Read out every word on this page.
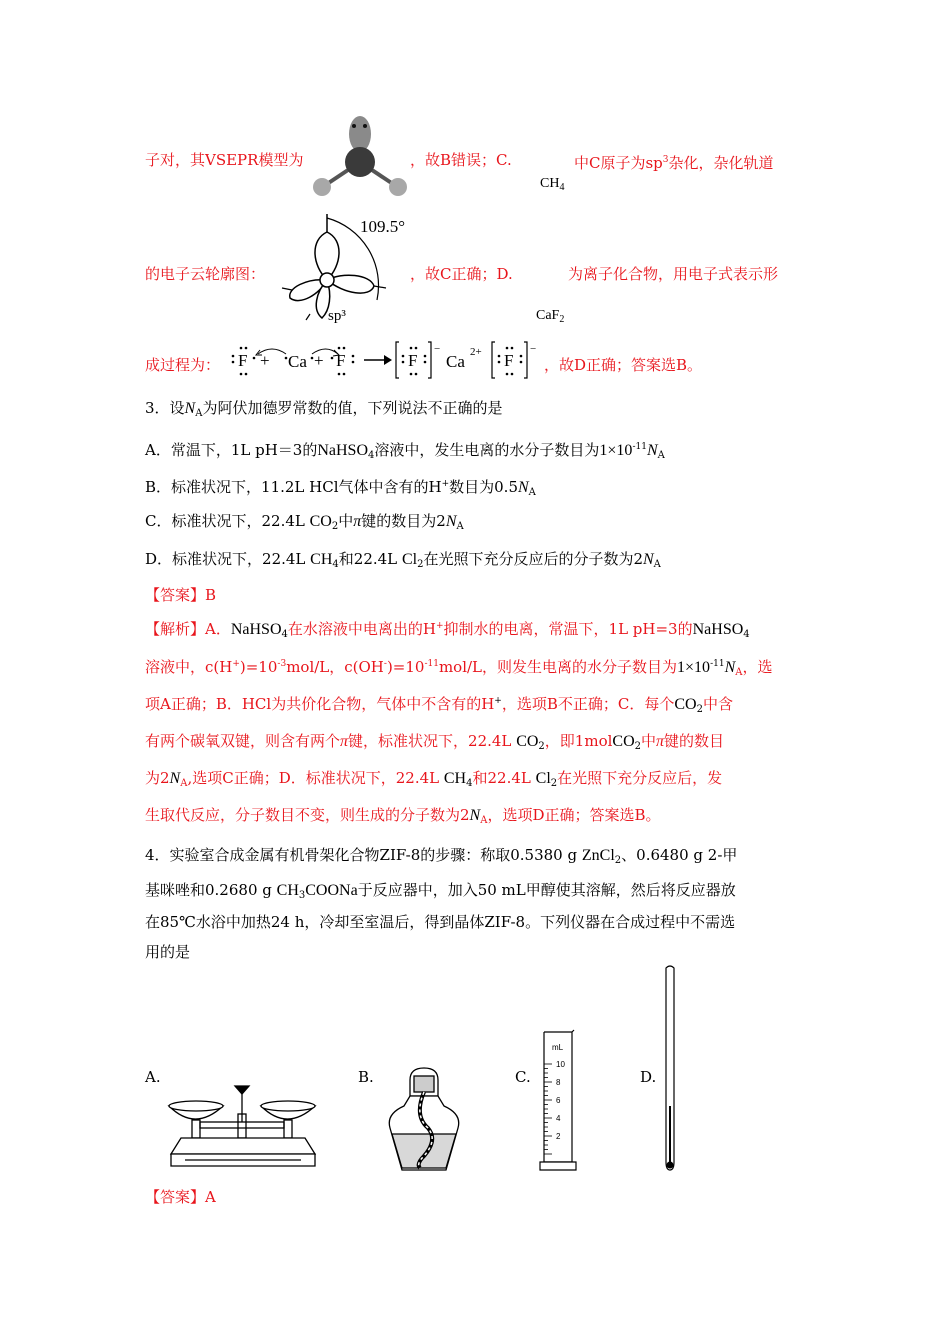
子对，其VSEPR模型为	，故B错误；C.	中C原子为$sp^3$杂化，杂化轨道
$CH_4$
的电子云轮廓图：
109.5°
sp³
，故C正确；D.	为离子化合物，用电子式表示形
CaF$_2$
成过程为： F + Ca + F	F
−
Ca 2+ F
−
，故D正确；答案选B。
3．设$N_A$为阿伏加德罗常数的值，下列说法不正确的是
A．常温下，1L pH＝3的NaHSO$_4$溶液中，发生电离的水分子数目为$1\times 10^{-11}N_A$
B．标准状况下，11.2L HCl气体中含有的H+数目为$0.5N_A$
C．标准状况下，22.4L $CO_2$中π键的数目为$2N_A$
D．标准状况下，22.4L $CH_4$和22.4L $Cl_2$在光照下充分反应后的分子数为$2N_A$
【答案】B
【解析】A．NaHSO$_4$在水溶液中电离出的H+抑制水的电离，常温下，1L pH=3的NaHSO$_4$
溶液中，$c(H^+)=10^{-3}mol/L$，$c(OH^-)=10^{-11}mol/L$，则发生电离的水分子数目为$1\times 10^{-11}N_A$，选
项A正确；B．HCl为共价化合物，气体中不含有的H+，选项B不正确；C．每个$CO_2$中含
有两个碳氧双键，则含有两个π键，标准状况下，22.4L $CO_2$，即1molCO$_2$中π键的数目
为$2N_A$,选项C正确；D．标准状况下，22.4L $CH_4$和22.4L $Cl_2$在光照下充分反应后，发
生取代反应，分子数目不变，则生成的分子数为$2N_A$，选项D正确；答案选B。
4．实验室合成金属有机骨架化合物ZIF-8的步骤：称取0.5380 g ZnCl$_2$、0.6480 g 2-甲
基咪唑和0.2680 g $CH_3COONa$于反应器中，加入50 mL甲醇使其溶解，然后将反应器放
在85℃水浴中加热24 h，冷却至室温后，得到晶体ZIF-8。下列仪器在合成过程中不需选
用的是
A.	B.	C.	D.
mL
10
8
6
4
2
【答案】A
